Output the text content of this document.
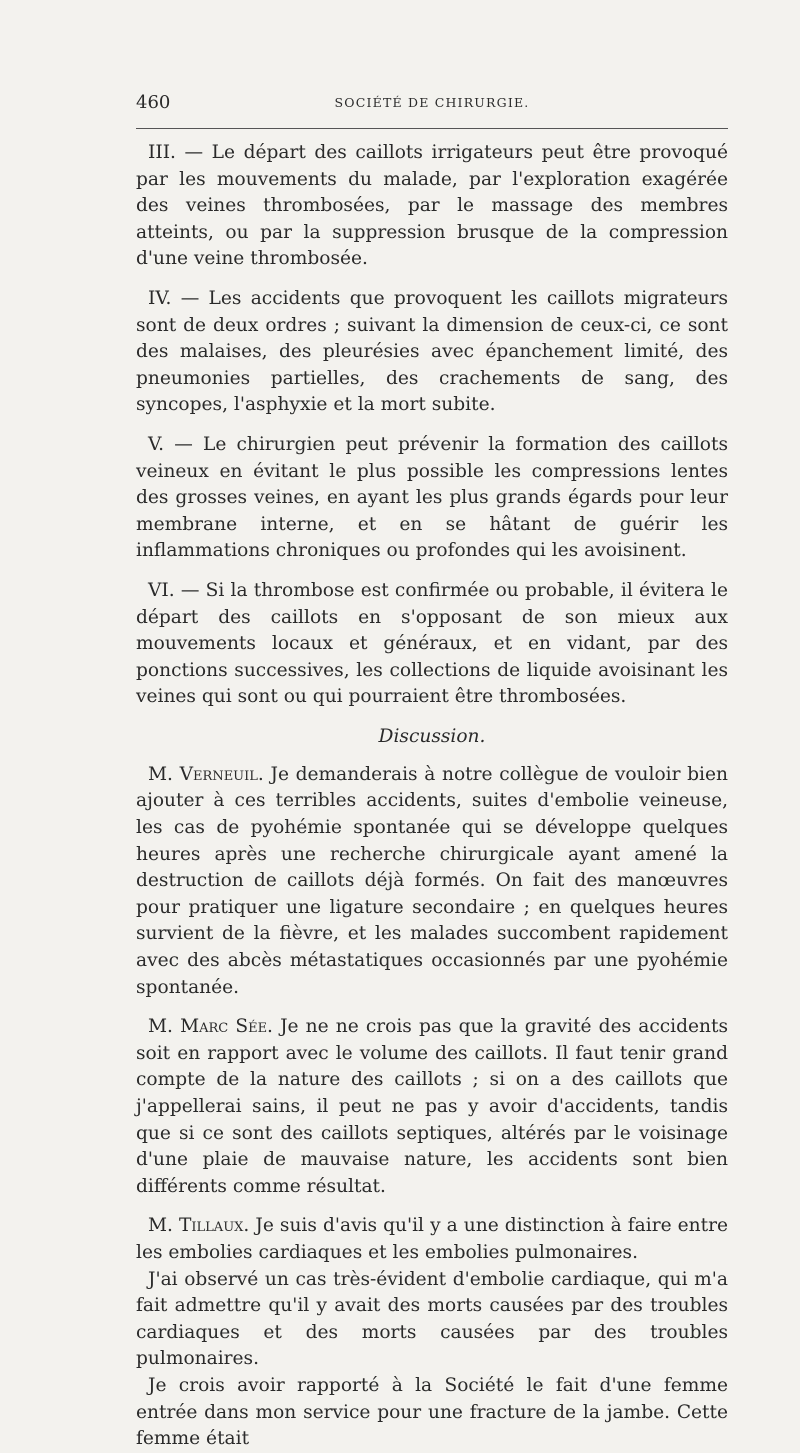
460	SOCIÉTÉ DE CHIRURGIE.

III. — Le départ des caillots irrigateurs peut être provoqué par les mouvements du malade, par l'exploration exagérée des veines thrombosées, par le massage des membres atteints, ou par la suppression brusque de la compression d'une veine thrombosée.

IV. — Les accidents que provoquent les caillots migrateurs sont de deux ordres ; suivant la dimension de ceux-ci, ce sont des malaises, des pleurésies avec épanchement limité, des pneumonies partielles, des crachements de sang, des syncopes, l'asphyxie et la mort subite.

V. — Le chirurgien peut prévenir la formation des caillots veineux en évitant le plus possible les compressions lentes des grosses veines, en ayant les plus grands égards pour leur membrane interne, et en se hâtant de guérir les inflammations chroniques ou profondes qui les avoisinent.

VI. — Si la thrombose est confirmée ou probable, il évitera le départ des caillots en s'opposant de son mieux aux mouvements locaux et généraux, et en vidant, par des ponctions successives, les collections de liquide avoisinant les veines qui sont ou qui pourraient être thrombosées.

Discussion.

M. Verneuil. Je demanderais à notre collègue de vouloir bien ajouter à ces terribles accidents, suites d'embolie veineuse, les cas de pyohémie spontanée qui se développe quelques heures après une recherche chirurgicale ayant amené la destruction de caillots déjà formés. On fait des manœuvres pour pratiquer une ligature secondaire ; en quelques heures survient de la fièvre, et les malades succombent rapidement avec des abcès métastatiques occasionnés par une pyohémie spontanée.

M. Marc Sée. Je ne ne crois pas que la gravité des accidents soit en rapport avec le volume des caillots. Il faut tenir grand compte de la nature des caillots ; si on a des caillots que j'appellerai sains, il peut ne pas y avoir d'accidents, tandis que si ce sont des caillots septiques, altérés par le voisinage d'une plaie de mauvaise nature, les accidents sont bien différents comme résultat.

M. Tillaux. Je suis d'avis qu'il y a une distinction à faire entre les embolies cardiaques et les embolies pulmonaires.

J'ai observé un cas très-évident d'embolie cardiaque, qui m'a fait admettre qu'il y avait des morts causées par des troubles cardiaques et des morts causées par des troubles pulmonaires.

Je crois avoir rapporté à la Société le fait d'une femme entrée dans mon service pour une fracture de la jambe. Cette femme était
